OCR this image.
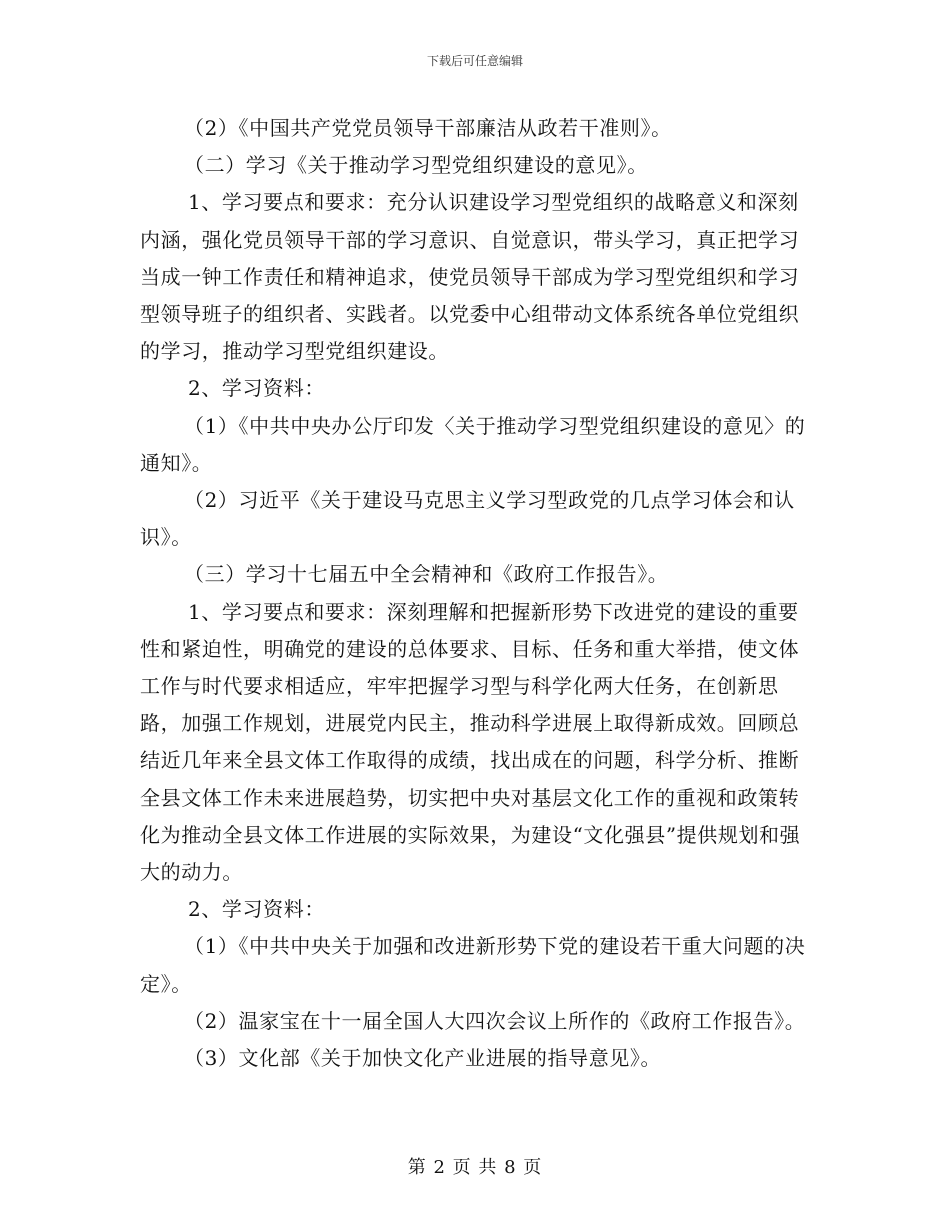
下载后可任意编辑

（2）《中国共产党党员领导干部廉洁从政若干准则》。

（二）学习《关于推动学习型党组织建设的意见》。

1、学习要点和要求：充分认识建设学习型党组织的战略意义和深刻内涵，强化党员领导干部的学习意识、自觉意识，带头学习，真正把学习当成一钟工作责任和精神追求，使党员领导干部成为学习型党组织和学习型领导班子的组织者、实践者。以党委中心组带动文体系统各单位党组织的学习，推动学习型党组织建设。

2、学习资料：

（1）《中共中央办公厅印发〈关于推动学习型党组织建设的意见〉的通知》。

（2）习近平《关于建设马克思主义学习型政党的几点学习体会和认识》。

（三）学习十七届五中全会精神和《政府工作报告》。

1、学习要点和要求：深刻理解和把握新形势下改进党的建设的重要性和紧迫性，明确党的建设的总体要求、目标、任务和重大举措，使文体工作与时代要求相适应，牢牢把握学习型与科学化两大任务，在创新思路，加强工作规划，进展党内民主，推动科学进展上取得新成效。回顾总结近几年来全县文体工作取得的成绩，找出成在的问题，科学分析、推断全县文体工作未来进展趋势，切实把中央对基层文化工作的重视和政策转化为推动全县文体工作进展的实际效果，为建设“文化强县”提供规划和强大的动力。

2、学习资料：

（1）《中共中央关于加强和改进新形势下党的建设若干重大问题的决定》。

（2）温家宝在十一届全国人大四次会议上所作的《政府工作报告》。

（3）文化部《关于加快文化产业进展的指导意见》。

第 2 页 共 8 页
